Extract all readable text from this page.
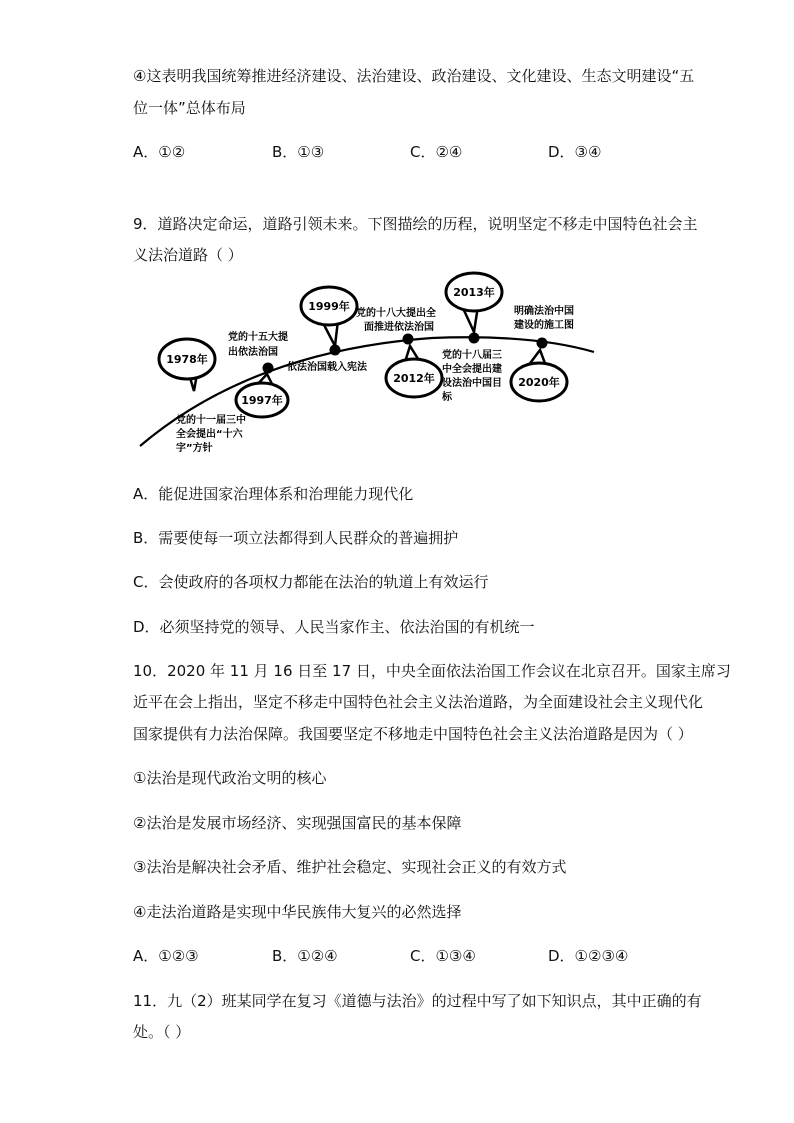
④这表明我国统筹推进经济建设、法治建设、政治建设、文化建设、生态文明建设“五
位一体”总体布局
A．①②	B．①③	C．②④	D．③④
9．道路决定命运，道路引领未来。下图描绘的历程，说明坚定不移走中国特色社会主
义法治道路（ ）
1978年
1999年
2013年
1997年
2012年	2020年
党的十一届三中
全会提出“十六
字”方针
党的十五大提
出依法治国
依法治国载入宪法
党的十八大提出全
面推进依法治国
党的十八届三
中全会提出建
设法治中国目
标
明确法治中国
建设的施工图
A．能促进国家治理体系和治理能力现代化
B．需要使每一项立法都得到人民群众的普遍拥护
C．会使政府的各项权力都能在法治的轨道上有效运行
D．必须坚持党的领导、人民当家作主、依法治国的有机统一
10．2020 年 11 月 16 日至 17 日，中央全面依法治国工作会议在北京召开。国家主席习
近平在会上指出，坚定不移走中国特色社会主义法治道路，为全面建设社会主义现代化
国家提供有力法治保障。我国要坚定不移地走中国特色社会主义法治道路是因为（ ）
①法治是现代政治文明的核心
②法治是发展市场经济、实现强国富民的基本保障
③法治是解决社会矛盾、维护社会稳定、实现社会正义的有效方式
④走法治道路是实现中华民族伟大复兴的必然选择
A．①②③	B．①②④	C．①③④	D．①②③④
11．九（2）班某同学在复习《道德与法治》的过程中写了如下知识点，其中正确的有
处。（ ）
